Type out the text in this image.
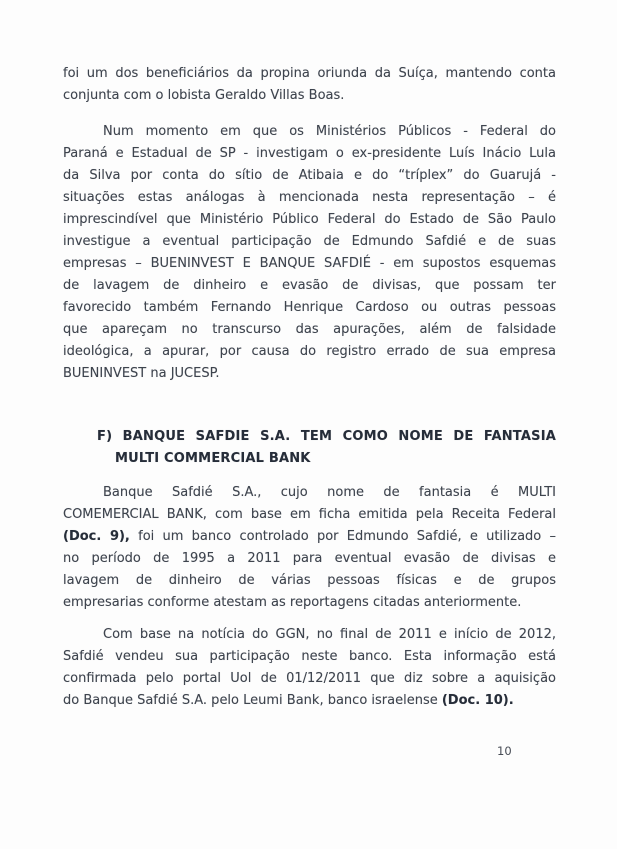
foi um dos beneficiários da propina oriunda da Suíça, mantendo conta
conjunta com o lobista Geraldo Villas Boas.
Num momento em que os Ministérios Públicos - Federal do
Paraná e Estadual de SP - investigam o ex-presidente Luís Inácio Lula
da Silva por conta do sítio de Atibaia e do “tríplex” do Guarujá -
situações estas análogas à mencionada nesta representação – é
imprescindível que Ministério Público Federal do Estado de São Paulo
investigue a eventual participação de Edmundo Safdié e de suas
empresas – BUENINVEST E BANQUE SAFDIÉ - em supostos esquemas
de lavagem de dinheiro e evasão de divisas, que possam ter
favorecido também Fernando Henrique Cardoso ou outras pessoas
que apareçam no transcurso das apurações, além de falsidade
ideológica, a apurar, por causa do registro errado de sua empresa
BUENINVEST na JUCESP.
F) BANQUE SAFDIE S.A. TEM COMO NOME DE FANTASIA
MULTI COMMERCIAL BANK
Banque Safdié S.A., cujo nome de fantasia é MULTI
COMEMERCIAL BANK, com base em ficha emitida pela Receita Federal
(Doc. 9), foi um banco controlado por Edmundo Safdié, e utilizado –
no período de 1995 a 2011 para eventual evasão de divisas e
lavagem de dinheiro de várias pessoas físicas e de grupos
empresarias conforme atestam as reportagens citadas anteriormente.
Com base na notícia do GGN, no final de 2011 e início de 2012,
Safdié vendeu sua participação neste banco. Esta informação está
confirmada pelo portal Uol de 01/12/2011 que diz sobre a aquisição
do Banque Safdié S.A. pelo Leumi Bank, banco israelense (Doc. 10).
10
